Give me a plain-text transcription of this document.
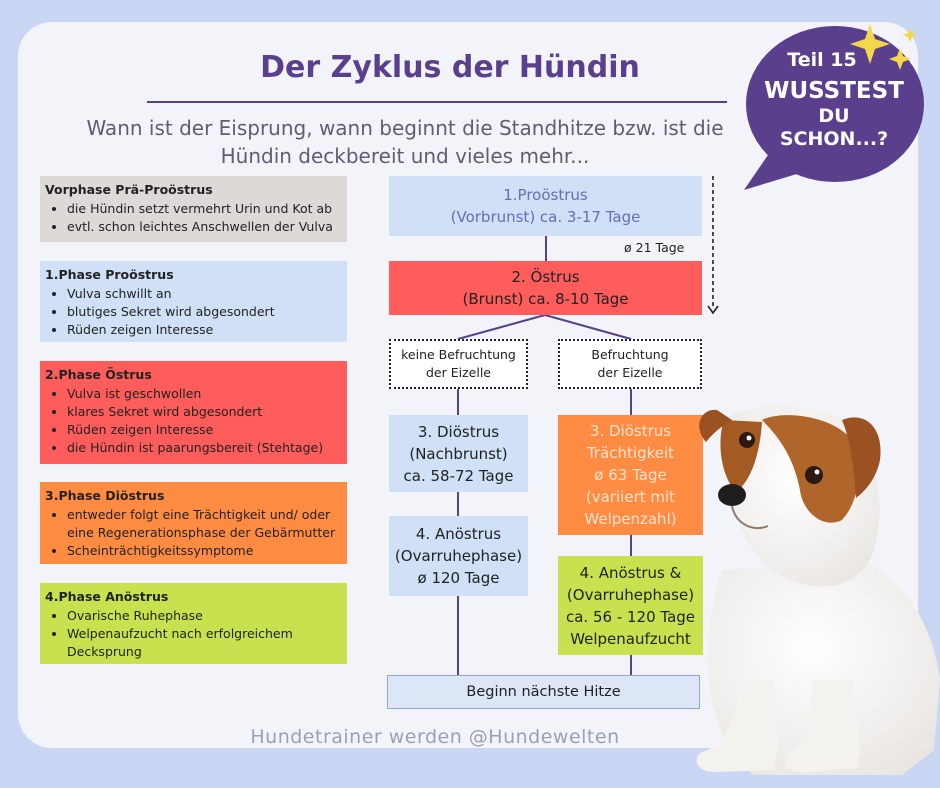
Der Zyklus der Hündin
Wann ist der Eisprung, wann beginnt die Standhitze bzw. ist die
Hündin deckbereit und vieles mehr...
Vorphase Prä-Proöstrus
• die Hündin setzt vermehrt Urin und Kot ab
• evtl. schon leichtes Anschwellen der Vulva
1.Phase Proöstrus
• Vulva schwillt an
• blutiges Sekret wird abgesondert
• Rüden zeigen Interesse
2.Phase Östrus
• Vulva ist geschwollen
• klares Sekret wird abgesondert
• Rüden zeigen Interesse
• die Hündin ist paarungsbereit (Stehtage)
3.Phase Diöstrus
• entweder folgt eine Trächtigkeit und/ oder eine Regenerationsphase der Gebärmutter
• Scheinträchtigkeitssymptome
4.Phase Anöstrus
• Ovarische Ruhephase
• Welpenaufzucht nach erfolgreichem Decksprung
1.Proöstrus
(Vorbrunst) ca. 3-17 Tage
ø 21 Tage
2. Östrus
(Brunst) ca. 8-10 Tage
keine Befruchtung
der Eizelle
Befruchtung
der Eizelle
3. Diöstrus
(Nachbrunst)
ca. 58-72 Tage
3. Diöstrus
Trächtigkeit
ø 63 Tage
(variiert mit
Welpenzahl)
4. Anöstrus
(Ovarruhephase)
ø 120 Tage	4. Anöstrus &
(Ovarruhephase)
ca. 56 - 120 Tage
Welpenaufzucht
Beginn nächste Hitze
Hundetrainer werden @Hundewelten
Teil 15
WUSSTEST
DU
SCHON...?
